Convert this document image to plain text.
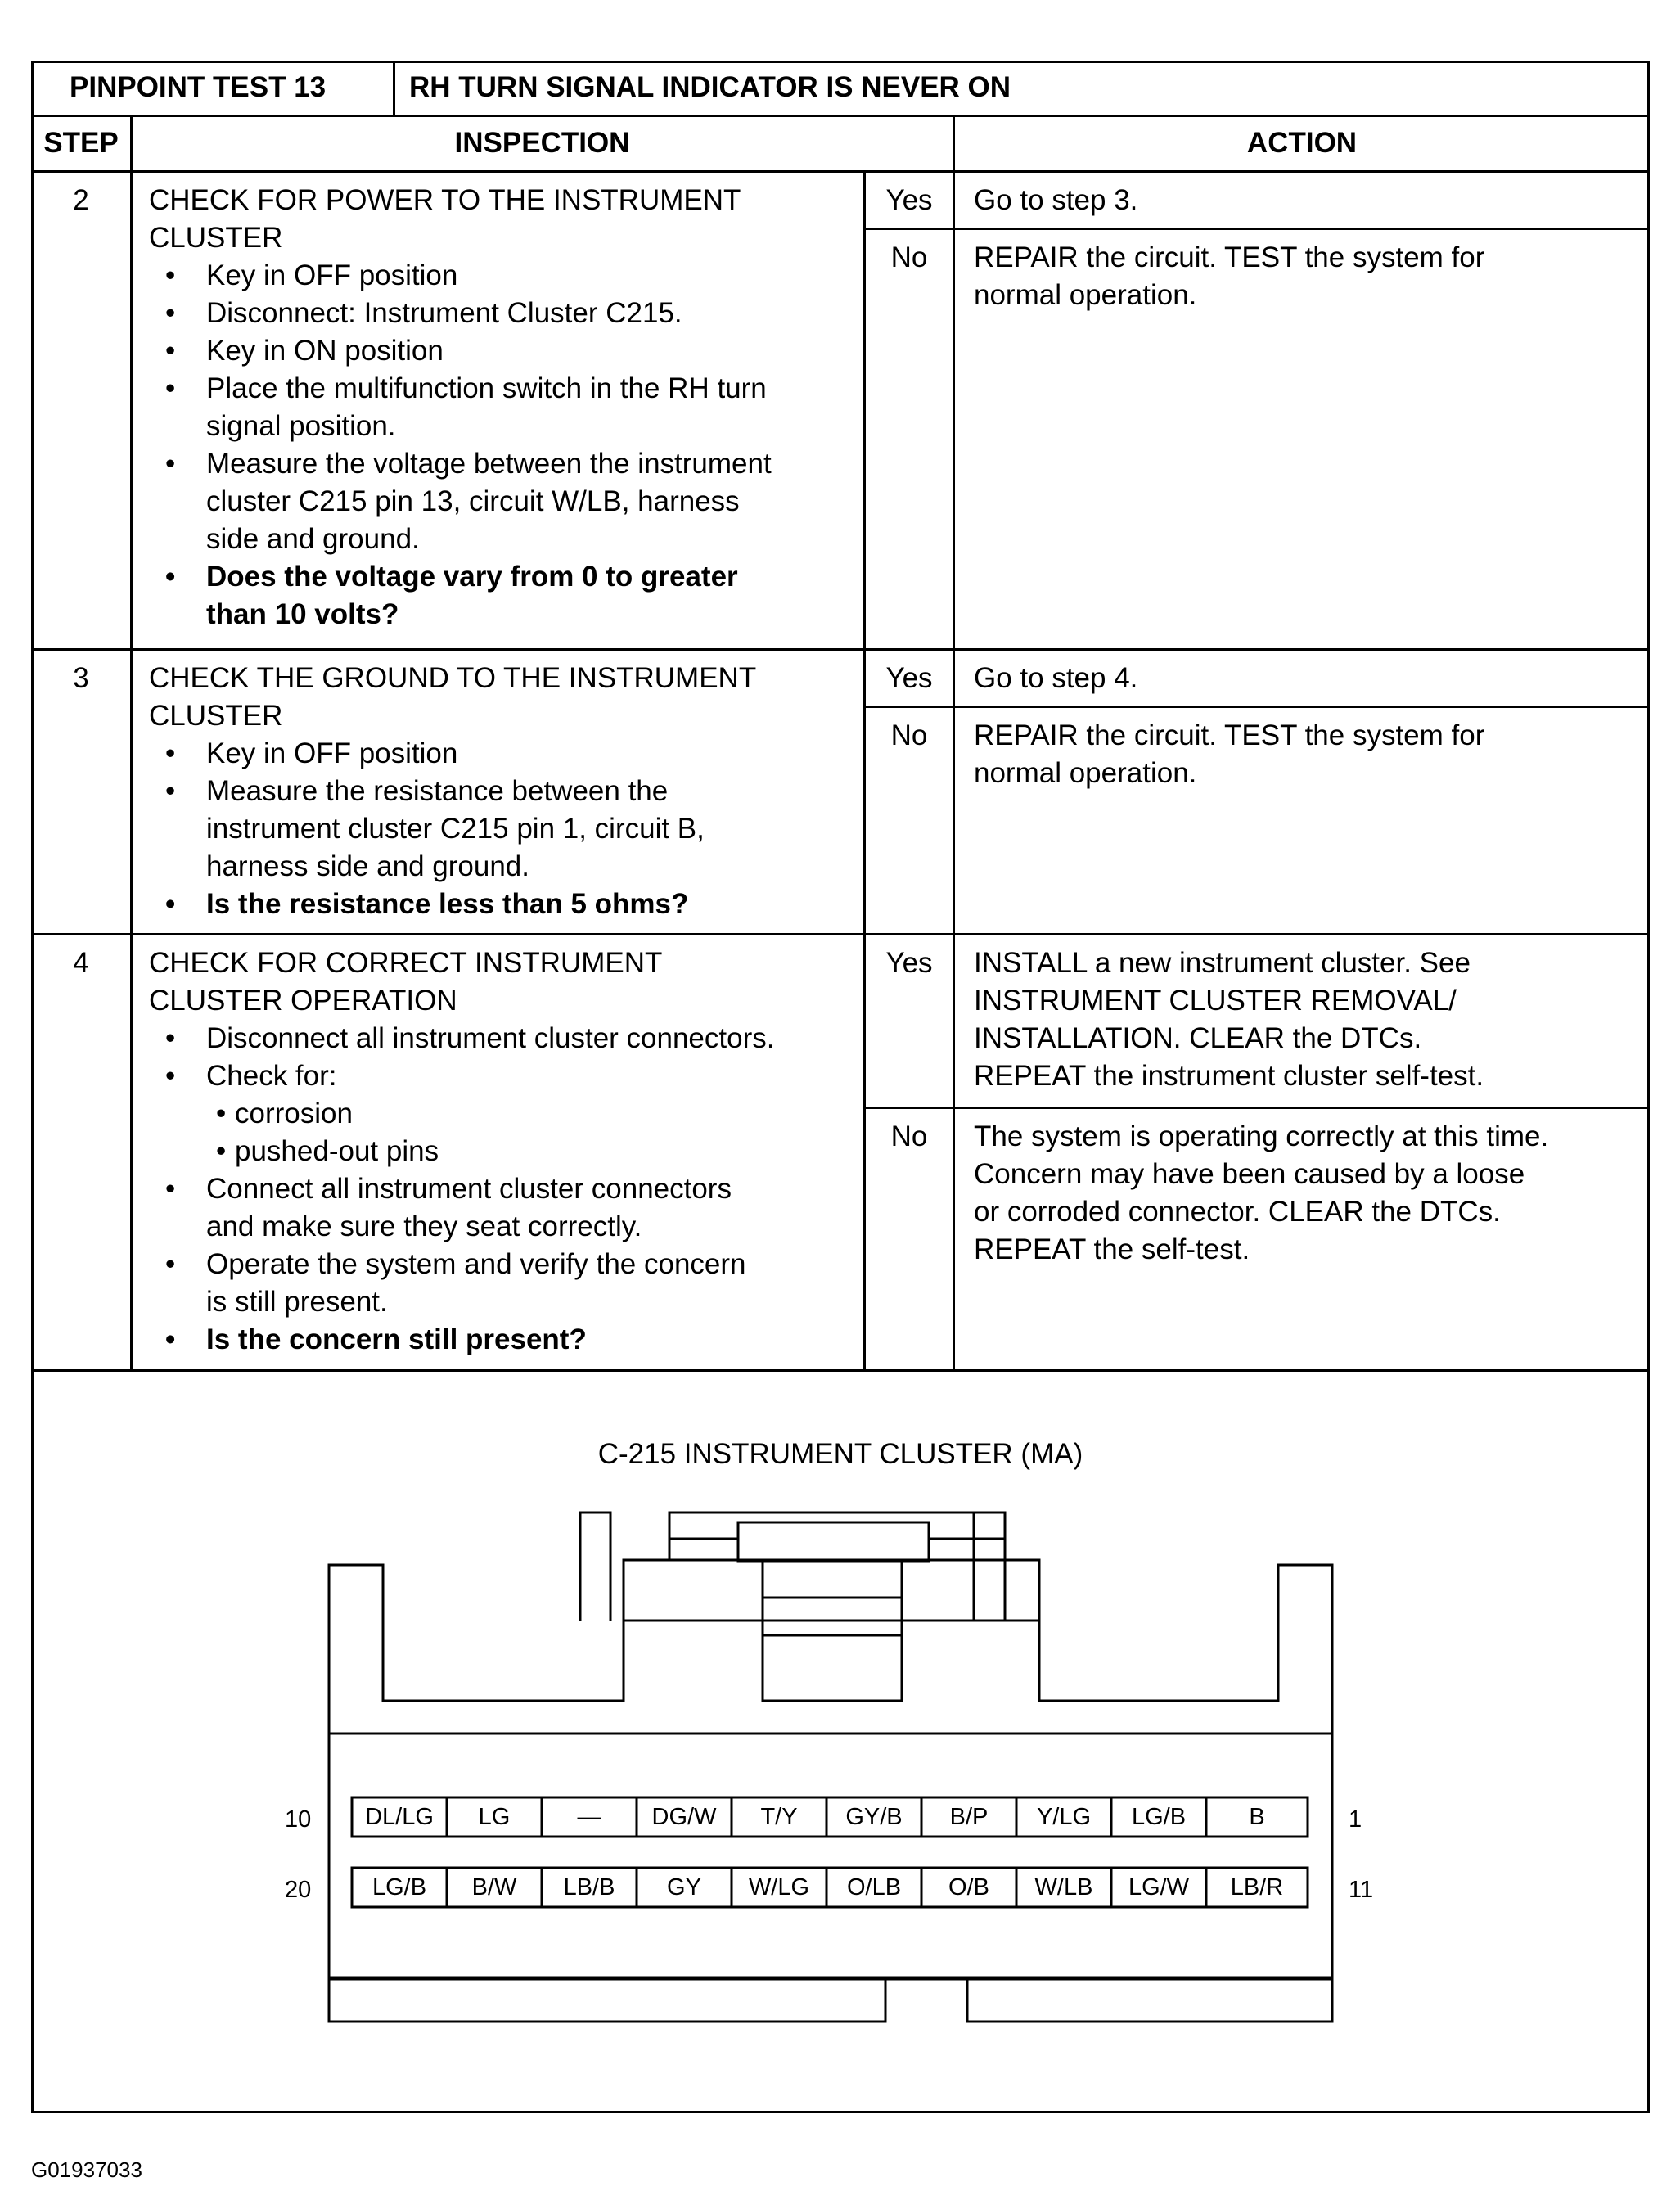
PINPOINT TEST 13	RH TURN SIGNAL INDICATOR IS NEVER ON
STEP	INSPECTION	ACTION
2	CHECK FOR POWER TO THE INSTRUMENT
CLUSTER
• Key in OFF position
• Disconnect: Instrument Cluster C215.
• Key in ON position
• Place the multifunction switch in the RH turn
signal position.
• Measure the voltage between the instrument
cluster C215 pin 13, circuit W/LB, harness
side and ground.
• Does the voltage vary from 0 to greater
than 10 volts?
Yes	Go to step 3.
No	REPAIR the circuit. TEST the system for
normal operation.
3	CHECK THE GROUND TO THE INSTRUMENT
CLUSTER
• Key in OFF position
• Measure the resistance between the
instrument cluster C215 pin 1, circuit B,
harness side and ground.
• Is the resistance less than 5 ohms?
Yes	Go to step 4.
No	REPAIR the circuit. TEST the system for
normal operation.
4	CHECK FOR CORRECT INSTRUMENT
CLUSTER OPERATION
• Disconnect all instrument cluster connectors.
• Check for:
• corrosion
• pushed-out pins
• Connect all instrument cluster connectors
and make sure they seat correctly.
• Operate the system and verify the concern
is still present.
• Is the concern still present?
Yes	INSTALL a new instrument cluster. See
INSTRUMENT CLUSTER REMOVAL/
INSTALLATION. CLEAR the DTCs.
REPEAT the instrument cluster self-test.
No	The system is operating correctly at this time.
Concern may have been caused by a loose
or corroded connector. CLEAR the DTCs.
REPEAT the self-test.
C-215 INSTRUMENT CLUSTER (MA)
DL/LG	LG	—	DG/W	T/Y	GY/B	B/P	Y/LG	LG/B	B
LG/B	B/W	LB/B	GY	W/LG	O/LB	O/B	W/LB	LG/W	LB/R
10	1
20	11
G01937033
